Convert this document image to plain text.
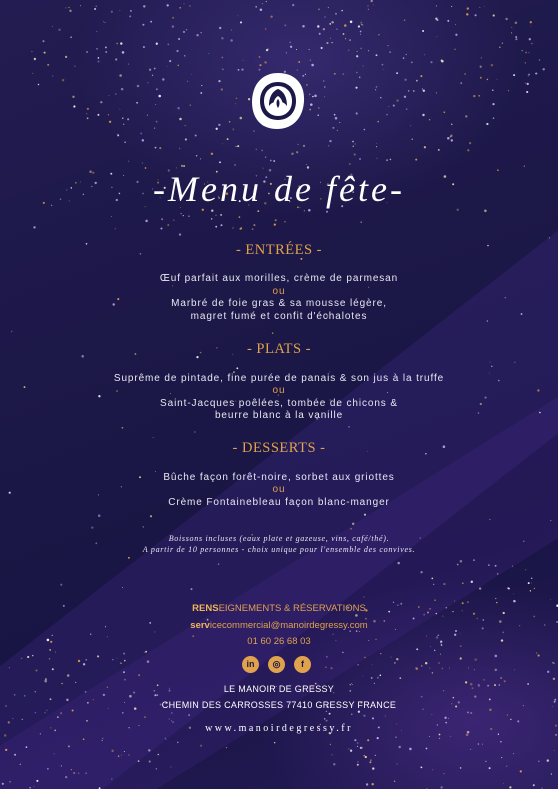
-Menu de fête-
- ENTRÉES -
Œuf parfait aux morilles, crème de parmesan
ou
Marbré de foie gras & sa mousse légère,
magret fumé et confit d'échalotes
- PLATS -
Suprême de pintade, fine purée de panais & son jus à la truffe
ou
Saint-Jacques poêlées, tombée de chicons &
beurre blanc à la vanille
- DESSERTS -
Bûche façon forêt-noire, sorbet aux griottes
ou
Crème Fontainebleau façon blanc-manger
Boissons incluses (eaux plate et gazeuse, vins, café/thé).
A partir de 10 personnes - choix unique pour l'ensemble des convives.
RENSEIGNEMENTS & RÉSERVATIONS
servicecommercial@manoirdegressy.com
01 60 26 68 03
in	◎	f
LE MANOIR DE GRESSY
CHEMIN DES CARROSSES 77410 GRESSY FRANCE
www.manoirdegressy.fr
